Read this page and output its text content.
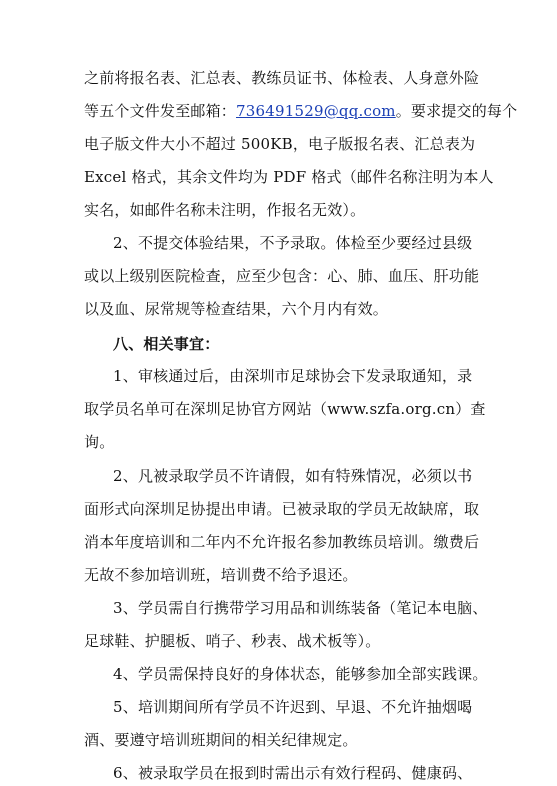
之前将报名表、汇总表、教练员证书、体检表、人身意外险
等五个文件发至邮箱：736491529@qq.com。要求提交的每个
电子版文件大小不超过 500KB，电子版报名表、汇总表为
Excel 格式，其余文件均为 PDF 格式（邮件名称注明为本人
实名，如邮件名称未注明，作报名无效）。
2、不提交体验结果，不予录取。体检至少要经过县级
或以上级别医院检查，应至少包含：心、肺、血压、肝功能
以及血、尿常规等检查结果，六个月内有效。
八、相关事宜：
1、审核通过后，由深圳市足球协会下发录取通知，录
取学员名单可在深圳足协官方网站（www.szfa.org.cn）查
询。
2、凡被录取学员不许请假，如有特殊情况，必须以书
面形式向深圳足协提出申请。已被录取的学员无故缺席，取
消本年度培训和二年内不允许报名参加教练员培训。缴费后
无故不参加培训班，培训费不给予退还。
3、学员需自行携带学习用品和训练装备（笔记本电脑、
足球鞋、护腿板、哨子、秒表、战术板等）。
4、学员需保持良好的身体状态，能够参加全部实践课。
5、培训期间所有学员不许迟到、早退、不允许抽烟喝
酒、要遵守培训班期间的相关纪律规定。
6、被录取学员在报到时需出示有效行程码、健康码、
